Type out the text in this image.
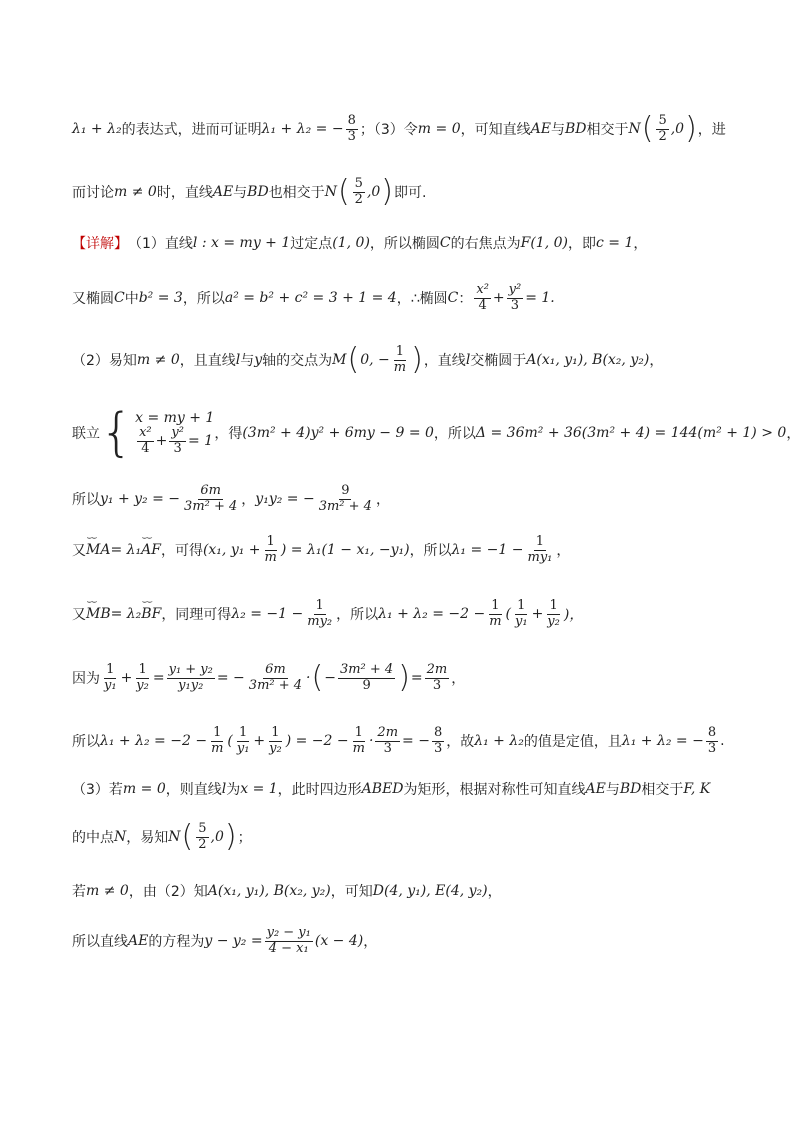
λ₁ + λ₂ 的表达式，进而可证明 λ₁ + λ₂ = − $\frac{8}{3}$ ；（3）令 m = 0 ，可知直线 AE 与 BD 相交于 N ( $\frac{5}{2} ,0$ ) ，进
而讨论 m ≠ 0 时，直线 AE 与 BD 也相交于 N ( $\frac{5}{2} ,0$ ) 即可.
【详解】 （1）直线 l : x = my + 1 过定点 (1, 0) ，所以椭圆 C 的右焦点为 F(1, 0) ，即 c = 1 ，
又椭圆 C 中 b² = 3 ，所以 a² = b² + c² = 3 + 1 = 4 ，∴椭圆 C ： $\frac{\text{x²}}{4} + \frac{\text{y²}}{3} = 1$.
（2）易知 m ≠ 0 ，且直线 l 与 y 轴的交点为 M ( 0, − $\frac{1}{m}$ ) ，直线 l 交椭圆于 A(x₁, y₁), B(x₂, y₂) ，
联立 { x = my + 1
$\frac{\text{x²}}{4} + \frac{\text{y²}}{3} = 1$ ，得 (3m² + 4)y² + 6my − 9 = 0 ，所以 Δ = 36m² + 36(3m² + 4) = 144(m² + 1) > 0 ，
所以 y₁ + y₂ = − $\frac{6m}{\text{3m² + 4}}$ ， y₁y₂ = − $\frac{9}{\text{3m² + 4}}$ ，
又 ⌣⌣ MA = λ₁ ⌣⌣ AF ，可得 (x₁, $y_1 + \frac{1}{m}$ ) = λ₁(1 − x₁, −y₁) ，所以 $\lambda_1 = -1 - \frac{1}{\text{my₁}}$ ，
又 ⌣⌣ MB = λ₂ ⌣⌣ BF ，同理可得 $\lambda_2 = -1 - \frac{1}{\text{my₂}}$ ，所以 $\lambda_1 + \lambda_2 = -2 - \frac{1}{m}$ ( $\frac{1}{\text{y₁}} + \frac{1}{\text{y₂}}$ )，
因为 $\frac{1}{\text{y₁}} + \frac{1}{\text{y₂}} = \frac{\text{y₁ + y₂}}{\text{y₁y₂}}$ = − $\frac{6m}{\text{3m² + 4}}$ · ( − $\frac{\text{3m² + 4}}{9}$ ) = $\frac{2m}{3}$ ，
所以 $\lambda_1 + \lambda_2 = -2 - \frac{1}{m}$ ( $\frac{1}{\text{y₁}} + \frac{1}{\text{y₂}}$ ) = $-2 - \frac{1}{m} \cdot \frac{2m}{3}$ = − $\frac{8}{3}$ ，故 λ₁ + λ₂ 的值是定值，且 λ₁ + λ₂ = − $\frac{8}{3}$ .
（3）若 m = 0 ，则直线 l 为 x = 1 ，此时四边形 ABED 为矩形，根据对称性可知直线 AE 与 BD 相交于 F, K
的中点 N ，易知 N ( $\frac{5}{2} ,0$ ) ；
若 m ≠ 0 ，由（2）知 A(x₁, y₁), B(x₂, y₂) ，可知 D(4, y₁), E(4, y₂) ，
所以直线 AE 的方程为 $y - y_2 = \frac{\text{y₂ − y₁}}{\text{4 − x₁}} (x - 4)$ ，
